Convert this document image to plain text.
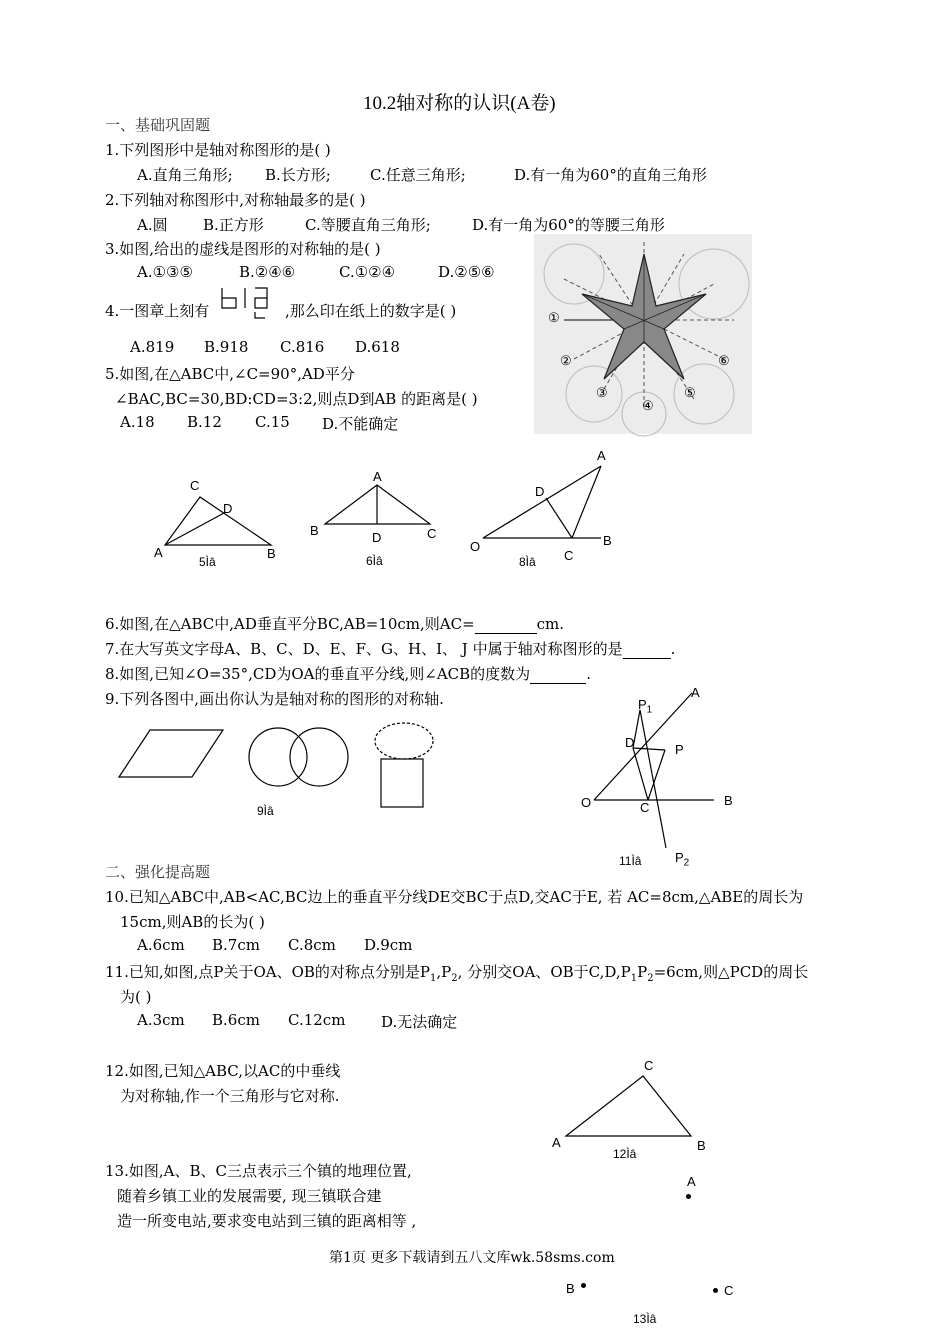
10.2轴对称的认识(A卷)
一、基础巩固题
1.下列图形中是轴对称图形的是( )
A.直角三角形; B.长方形;	C.任意三角形;	D.有一角为60°的直角三角形
2.下列轴对称图形中,对称轴最多的是( )
A.圆 B.正方形	C.等腰直角三角形;	D.有一角为60°的等腰三角形
3.如图,给出的虚线是图形的对称轴的是( )
A.①③⑤	B.②④⑥	C.①②④	D.②⑤⑥
①
②
③
④
⑤
⑥
4.一图章上刻有	,那么印在纸上的数字是( )
A.819 B.918 C.816 D.618
5.如图,在△ABC中,∠C=90°,AD平分
∠BAC,BC=30,BD:CD=3:2,则点D到AB 的距离是( )
A.18 B.12 C.15 D.不能确定
C
D
A	B
5Ìâ
A
B	D	C
6Ìâ
A
D
O
C
B
8Ìâ
6.如图,在△ABC中,AD垂直平分BC,AB=10cm,则AC=	cm.
7.在大写英文字母A、B、C、D、E、F、G、H、I、 J 中属于轴对称图形的是	.
8.如图,已知∠O=35°,CD为OA的垂直平分线,则∠ACB的度数为	.
9.下列各图中,画出你认为是轴对称的图形的对称轴.
9Ìâ
A
$P_1$
D	P
O	C	B
$P_2$
11Ìâ
二、强化提高题
10.已知△ABC中,AB<AC,BC边上的垂直平分线DE交BC于点D,交AC于E, 若 AC=8cm,△ABE的周长为
15cm,则AB的长为( )
A.6cm B.7cm C.8cm D.9cm
11.已知,如图,点P关于OA、OB的对称点分别是$P_1,P_2$, 分别交OA、OB于$C,D,P_1P_2=6cm$,则△PCD的周长
为( )
A.3cm B.6cm C.12cm D.无法确定
12.如图,已知△ABC,以AC的中垂线
为对称轴,作一个三角形与它对称.
C
A	B
12Ìâ
13.如图,A、B、C三点表示三个镇的地理位置,
随着乡镇工业的发展需要, 现三镇联合建
造一所变电站,要求变电站到三镇的距离相等 ,
A
B	C
13Ìâ
第1页 更多下载请到五八文库wk.58sms.com
